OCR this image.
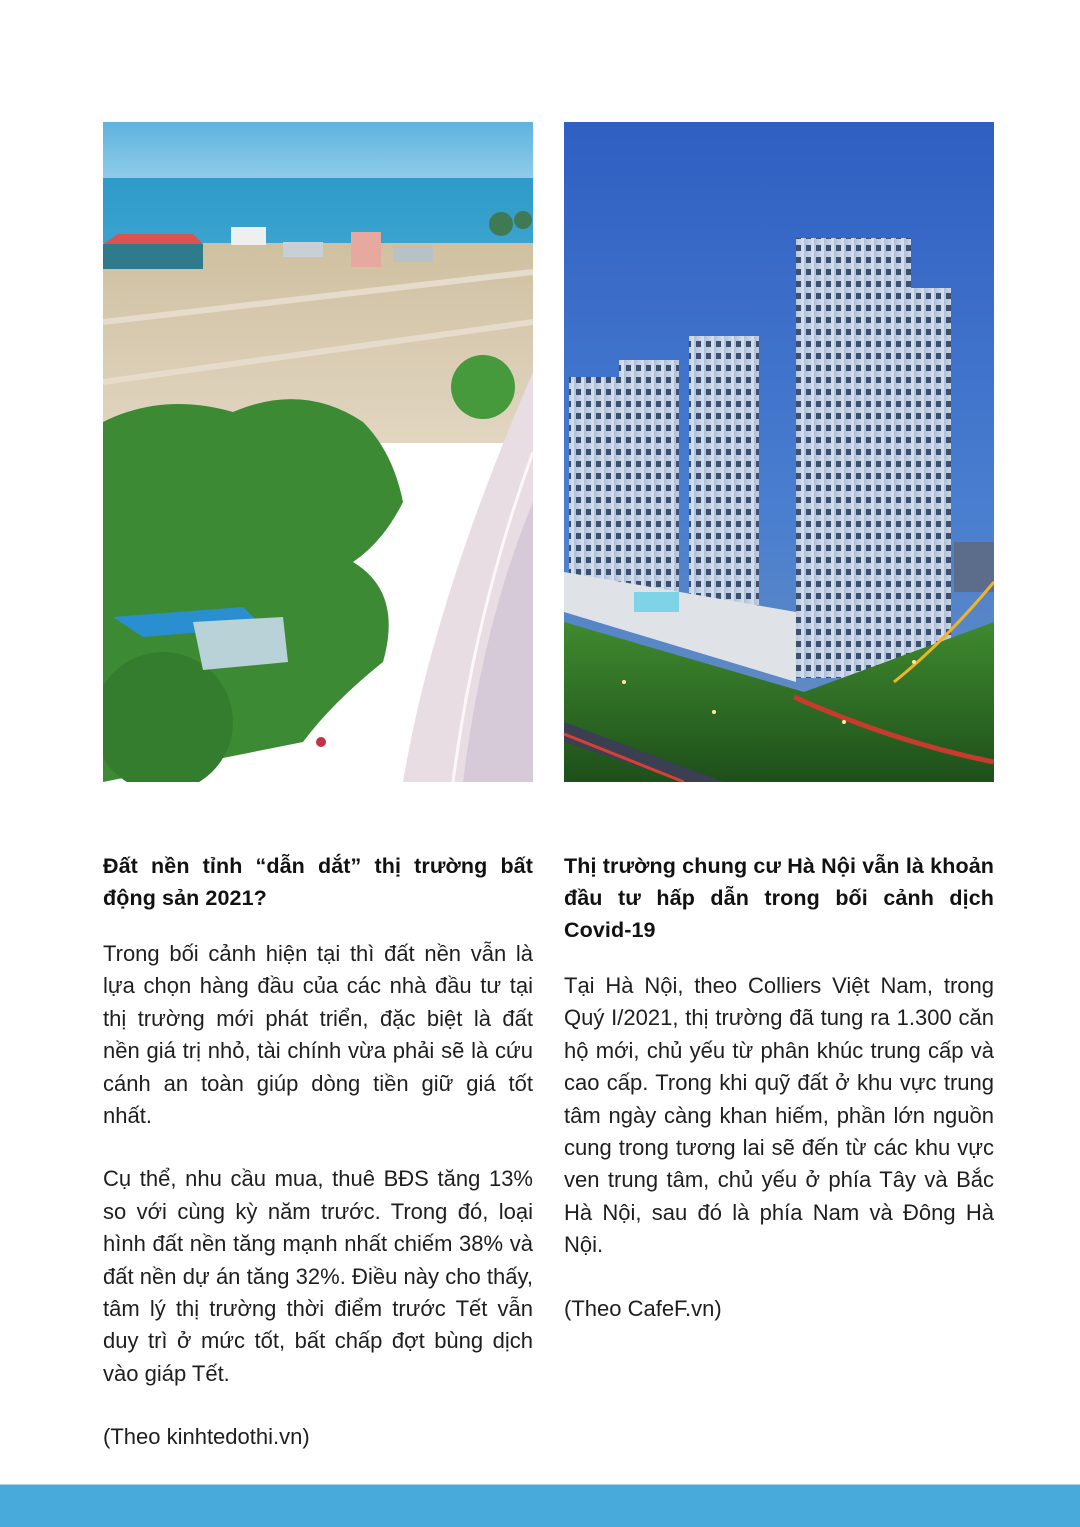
Đất nền tỉnh “dẫn dắt” thị trường bất động sản 2021?

Trong bối cảnh hiện tại thì đất nền vẫn là lựa chọn hàng đầu của các nhà đầu tư tại thị trường mới phát triển, đặc biệt là đất nền giá trị nhỏ, tài chính vừa phải sẽ là cứu cánh an toàn giúp dòng tiền giữ giá tốt nhất.

Cụ thể, nhu cầu mua, thuê BĐS tăng 13% so với cùng kỳ năm trước. Trong đó, loại hình đất nền tăng mạnh nhất chiếm 38% và đất nền dự án tăng 32%. Điều này cho thấy, tâm lý thị trường thời điểm trước Tết vẫn duy trì ở mức tốt, bất chấp đợt bùng dịch vào giáp Tết.

(Theo kinhtedothi.vn)

Thị trường chung cư Hà Nội vẫn là khoản đầu tư hấp dẫn trong bối cảnh dịch Covid-19

Tại Hà Nội, theo Colliers Việt Nam, trong Quý I/2021, thị trường đã tung ra 1.300 căn hộ mới, chủ yếu từ phân khúc trung cấp và cao cấp. Trong khi quỹ đất ở khu vực trung tâm ngày càng khan hiếm, phần lớn nguồn cung trong tương lai sẽ đến từ các khu vực ven trung tâm, chủ yếu ở phía Tây và Bắc Hà Nội, sau đó là phía Nam và Đông Hà Nội.

(Theo CafeF.vn)
